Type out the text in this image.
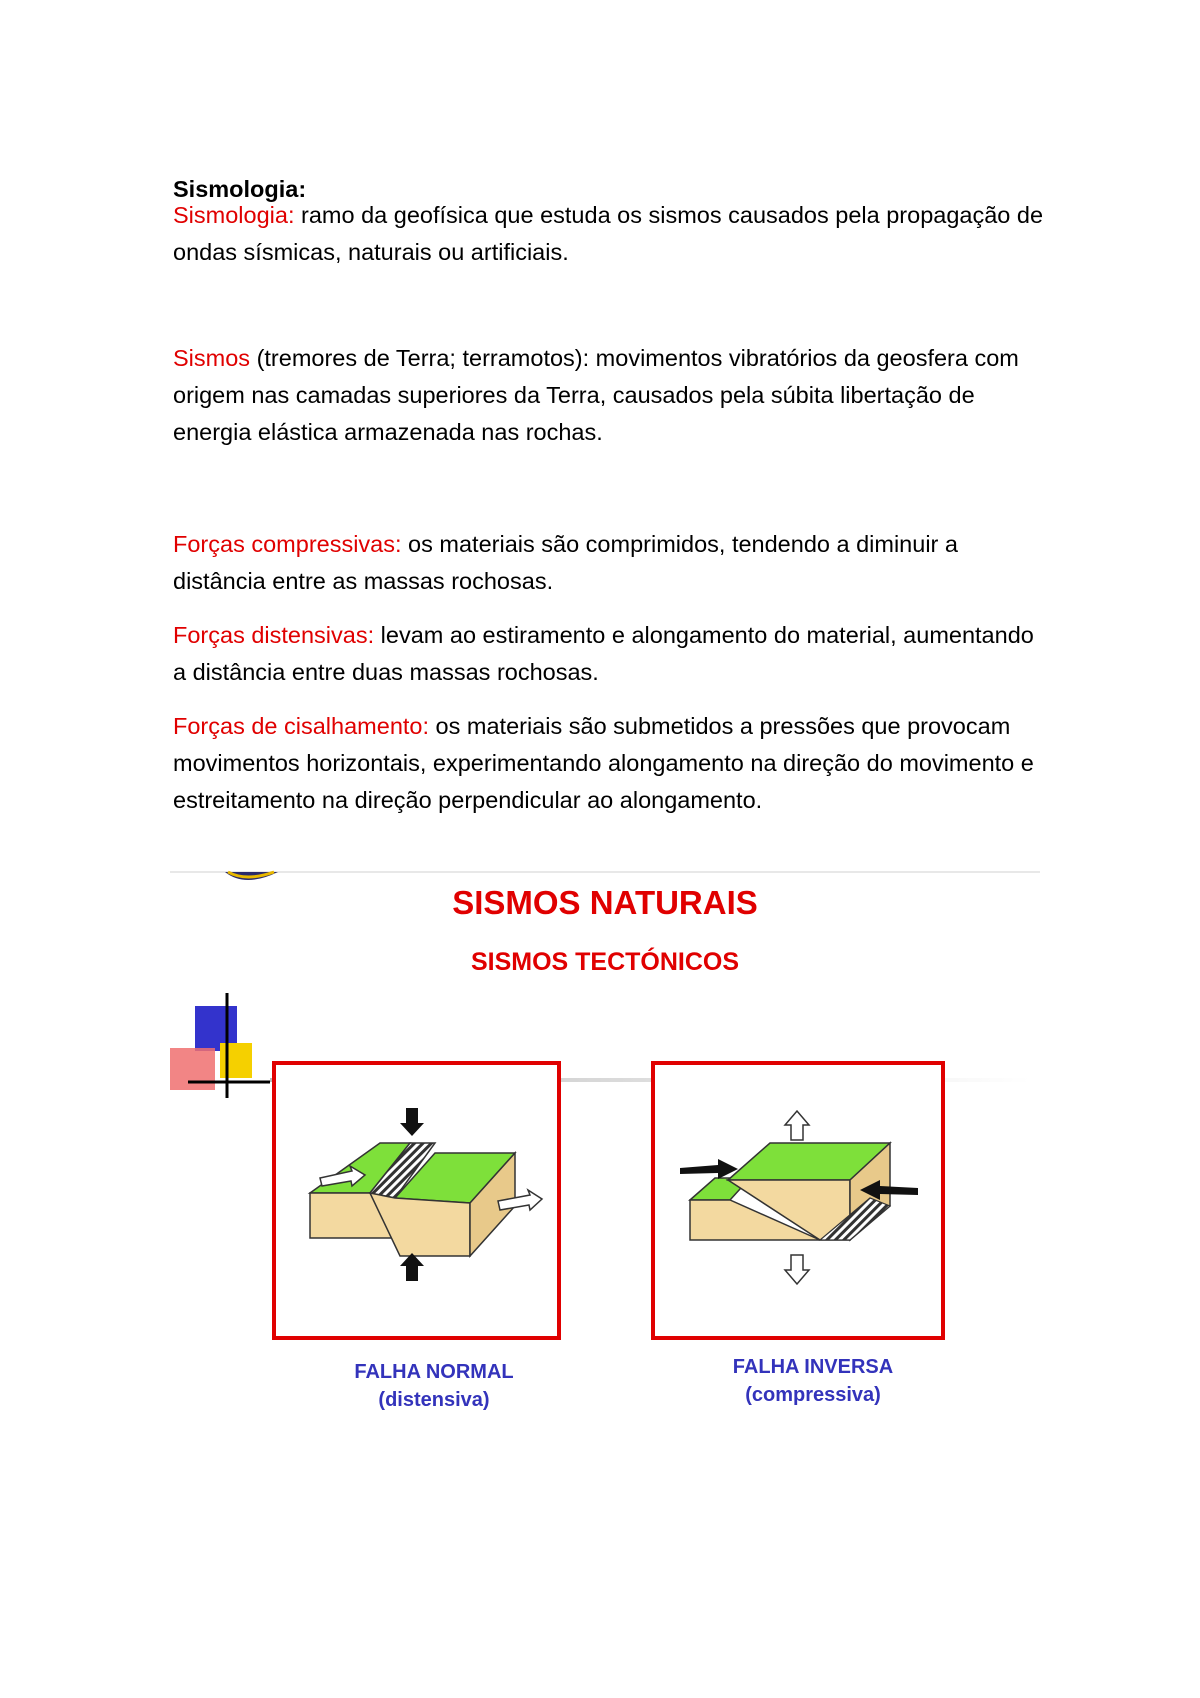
Sismologia:

Sismologia: ramo da geofísica que estuda os sismos causados pela propagação de ondas sísmicas, naturais ou artificiais.

Sismos (tremores de Terra; terramotos): movimentos vibratórios da geosfera com origem nas camadas superiores da Terra, causados pela súbita libertação de energia elástica armazenada nas rochas.

Forças compressivas: os materiais são comprimidos, tendendo a diminuir a distância entre as massas rochosas.

Forças distensivas: levam ao estiramento e alongamento do material, aumentando a distância entre duas massas rochosas.

Forças de cisalhamento: os materiais são submetidos a pressões que provocam movimentos horizontais, experimentando alongamento na direção do movimento e estreitamento na direção perpendicular ao alongamento.

SISMOS NATURAIS

SISMOS TECTÓNICOS

FALHA NORMAL
(distensiva)
FALHA INVERSA
(compressiva)
